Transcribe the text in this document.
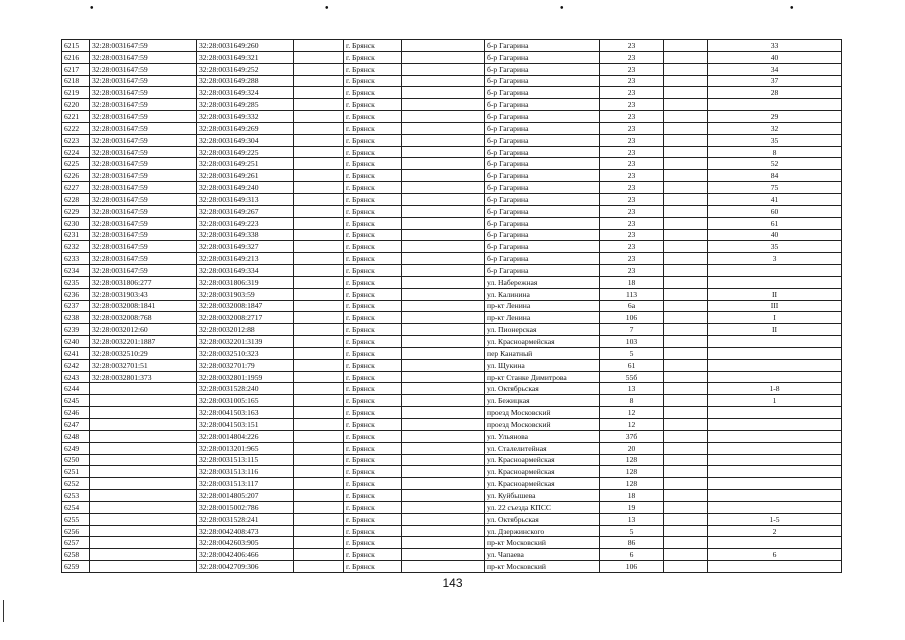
•	•	•	•
6215	32:28:0031647:59	32:28:0031649:260		г. Брянск		б-р Гагарина	23		33
6216	32:28:0031647:59	32:28:0031649:321		г. Брянск		б-р Гагарина	23		40
6217	32:28:0031647:59	32:28:0031649:252		г. Брянск		б-р Гагарина	23		34
6218	32:28:0031647:59	32:28:0031649:288		г. Брянск		б-р Гагарина	23		37
6219	32:28:0031647:59	32:28:0031649:324		г. Брянск		б-р Гагарина	23		28
6220	32:28:0031647:59	32:28:0031649:285		г. Брянск		б-р Гагарина	23		
6221	32:28:0031647:59	32:28:0031649:332		г. Брянск		б-р Гагарина	23		29
6222	32:28:0031647:59	32:28:0031649:269		г. Брянск		б-р Гагарина	23		32
6223	32:28:0031647:59	32:28:0031649:304		г. Брянск		б-р Гагарина	23		35
6224	32:28:0031647:59	32:28:0031649:225		г. Брянск		б-р Гагарина	23		8
6225	32:28:0031647:59	32:28:0031649:251		г. Брянск		б-р Гагарина	23		52
6226	32:28:0031647:59	32:28:0031649:261		г. Брянск		б-р Гагарина	23		84
6227	32:28:0031647:59	32:28:0031649:240		г. Брянск		б-р Гагарина	23		75
6228	32:28:0031647:59	32:28:0031649:313		г. Брянск		б-р Гагарина	23		41
6229	32:28:0031647:59	32:28:0031649:267		г. Брянск		б-р Гагарина	23		60
6230	32:28:0031647:59	32:28:0031649:223		г. Брянск		б-р Гагарина	23		61
6231	32:28:0031647:59	32:28:0031649:338		г. Брянск		б-р Гагарина	23		40
6232	32:28:0031647:59	32:28:0031649:327		г. Брянск		б-р Гагарина	23		35
6233	32:28:0031647:59	32:28:0031649:213		г. Брянск		б-р Гагарина	23		3
6234	32:28:0031647:59	32:28:0031649:334		г. Брянск		б-р Гагарина	23		
6235	32:28:0031806:277	32:28:0031806:319		г. Брянск		ул. Набережная	18		
6236	32:28:0031903:43	32:28:0031903:59		г. Брянск		ул. Калинина	113		II
6237	32:28:0032008:1841	32:28:0032008:1847		г. Брянск		пр-кт Ленина	6а		III
6238	32:28:0032008:768	32:28:0032008:2717		г. Брянск		пр-кт Ленина	106		I
6239	32:28:0032012:60	32:28:0032012:88		г. Брянск		ул. Пионерская	7		II
6240	32:28:0032201:1887	32:28:0032201:3139		г. Брянск		ул. Красноармейская	103		
6241	32:28:0032510:29	32:28:0032510:323		г. Брянск		пер Канатный	5		
6242	32:28:0032701:51	32:28:0032701:79		г. Брянск		ул. Щукина	61		
6243	32:28:0032801:373	32:28:0032801:1959		г. Брянск		пр-кт Станке Димитрова	55б		
6244		32:28:0031528:240		г. Брянск		ул. Октябрьская	13		1-8
6245		32:28:0031005:165		г. Брянск		ул. Бежицкая	8		1
6246		32:28:0041503:163		г. Брянск		проезд Московский	12		
6247		32:28:0041503:151		г. Брянск		проезд Московский	12		
6248		32:28:0014804:226		г. Брянск		ул. Ульянова	37б		
6249		32:28:0013201:965		г. Брянск		ул. Сталелитейная	20		
6250		32:28:0031513:115		г. Брянск		ул. Красноармейская	128		
6251		32:28:0031513:116		г. Брянск		ул. Красноармейская	128		
6252		32:28:0031513:117		г. Брянск		ул. Красноармейская	128		
6253		32:28:0014805:207		г. Брянск		ул. Куйбышева	18		
6254		32:28:0015002:786		г. Брянск		ул. 22 съезда КПСС	19		
6255		32:28:0031528:241		г. Брянск		ул. Октябрьская	13		1-5
6256		32:28:0042408:473		г. Брянск		ул. Дзержинского	5		2
6257		32:28:0042603:905		г. Брянск		пр-кт Московский	86		
6258		32:28:0042406:466		г. Брянск		ул. Чапаева	6		6
6259		32:28:0042709:306		г. Брянск		пр-кт Московский	106		
143
